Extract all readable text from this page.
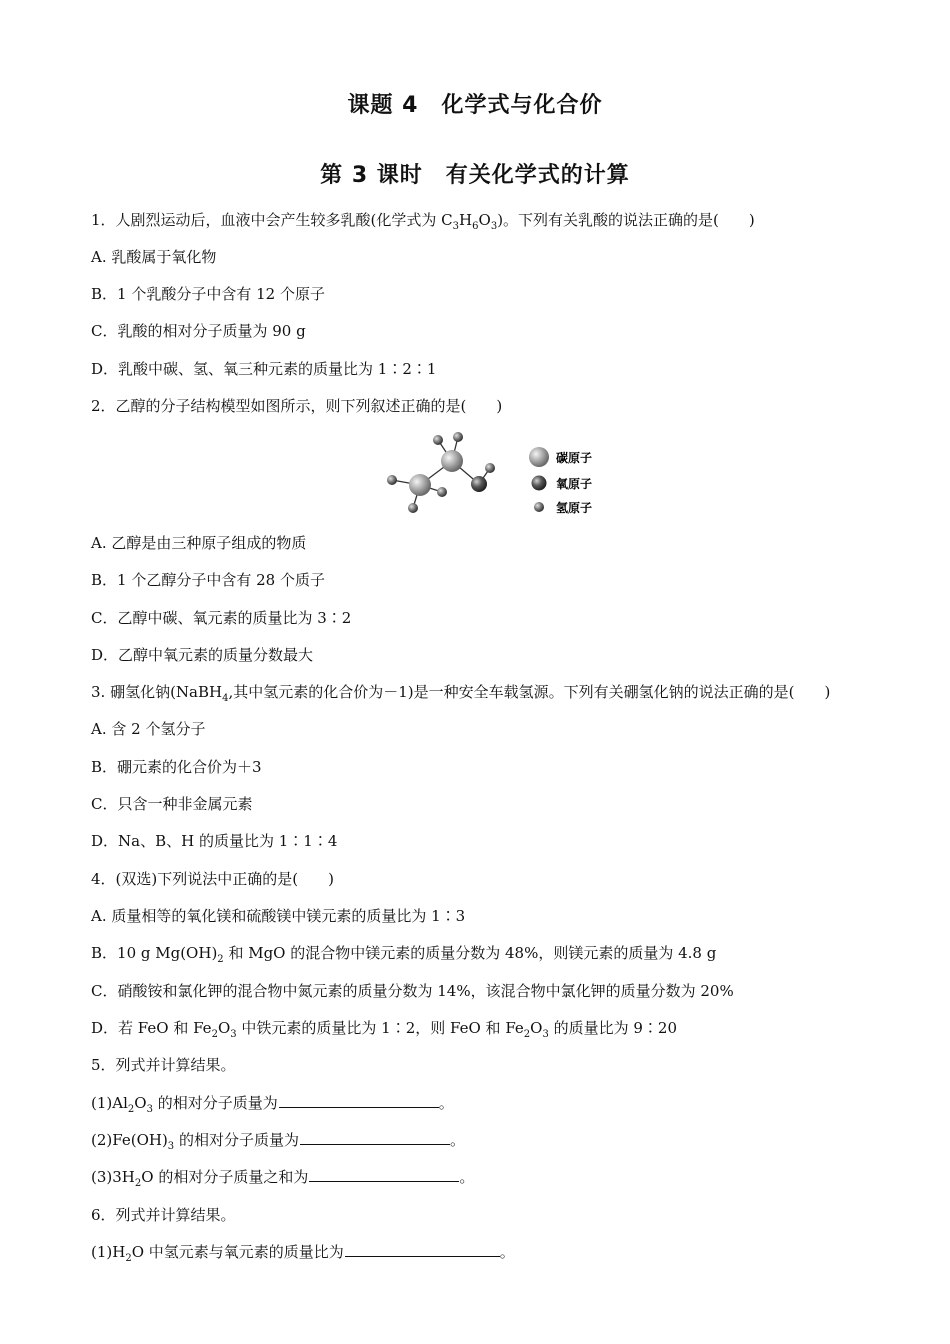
课题 4　化学式与化合价
第 3 课时　有关化学式的计算
1．人剧烈运动后，血液中会产生较多乳酸(化学式为 $C_3H_6O_3$)。下列有关乳酸的说法正确的是(　　)
A. 乳酸属于氧化物
B．1 个乳酸分子中含有 12 个原子
C．乳酸的相对分子质量为 90 g
D．乳酸中碳、氢、氧三种元素的质量比为 1∶2∶1
2．乙醇的分子结构模型如图所示，则下列叙述正确的是(　　)
碳原子
氧原子
氢原子
A. 乙醇是由三种原子组成的物质
B．1 个乙醇分子中含有 28 个质子
C．乙醇中碳、氧元素的质量比为 3∶2
D．乙醇中氧元素的质量分数最大
3. 硼氢化钠(NaBH$_4$,其中氢元素的化合价为－1)是一种安全车载氢源。下列有关硼氢化钠的说法正确的是(　　)
A. 含 2 个氢分子
B．硼元素的化合价为＋3
C．只含一种非金属元素
D．Na、B、H 的质量比为 1∶1∶4
4．(双选)下列说法中正确的是(　　)
A. 质量相等的氧化镁和硫酸镁中镁元素的质量比为 1∶3
B．10 g $Mg(OH)_2$ 和 MgO 的混合物中镁元素的质量分数为 48%，则镁元素的质量为 4.8 g
C．硝酸铵和氯化钾的混合物中氮元素的质量分数为 14%，该混合物中氯化钾的质量分数为 20%
D．若 FeO 和 $Fe_2O_3$ 中铁元素的质量比为 1∶2，则 FeO 和 $Fe_2O_3$ 的质量比为 9∶20
5．列式并计算结果。
$(1)Al_2O_3$ 的相对分子质量为	。
$(2)Fe(OH)_3$ 的相对分子质量为	。
$(3)3H_2O$ 的相对分子质量之和为	。
6．列式并计算结果。
$(1)H_2O$ 中氢元素与氧元素的质量比为	。
